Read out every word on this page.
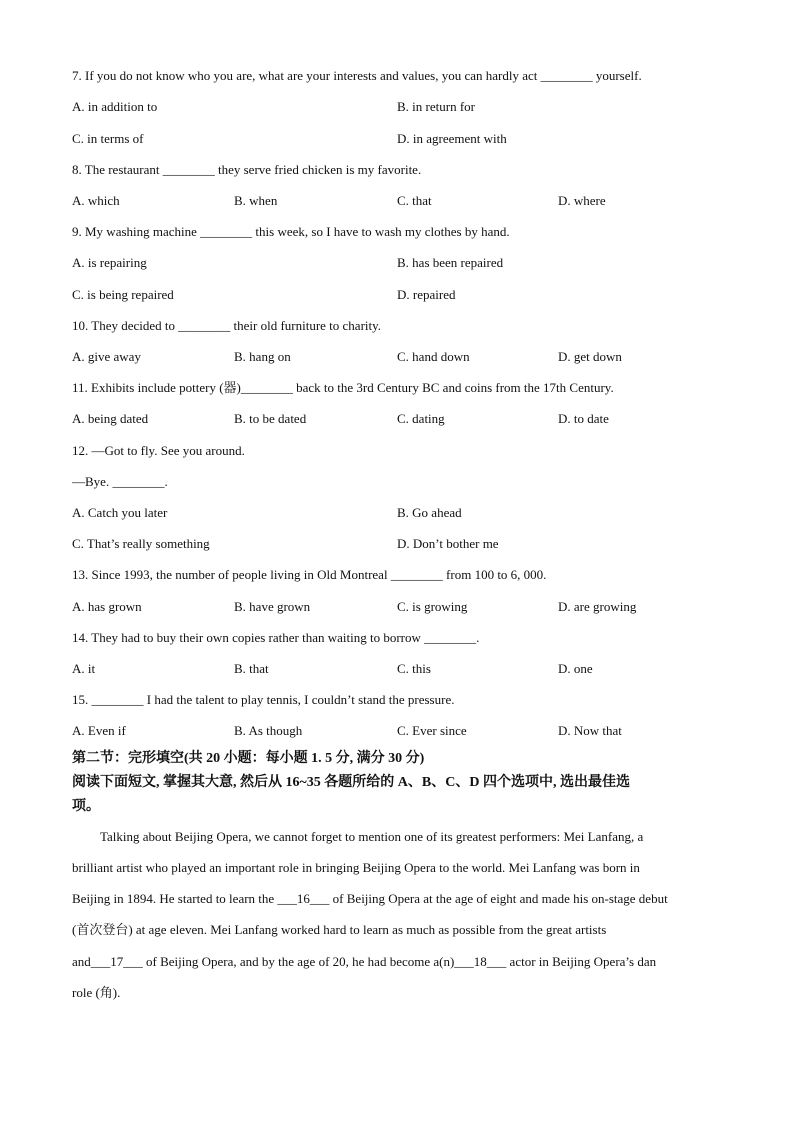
7. If you do not know who you are, what are your interests and values, you can hardly act ________ yourself.
A. in addition to	B. in return for
C. in terms of	D. in agreement with
8. The restaurant ________ they serve fried chicken is my favorite.
A. which	B. when	C. that	D. where
9. My washing machine ________ this week, so I have to wash my clothes by hand.
A. is repairing	B. has been repaired
C. is being repaired	D. repaired
10. They decided to ________ their old furniture to charity.
A. give away	B. hang on	C. hand down	D. get down
11. Exhibits include pottery (器)________ back to the 3rd Century BC and coins from the 17th Century.
A. being dated	B. to be dated	C. dating	D. to date
12. —Got to fly. See you around.
—Bye. ________.
A. Catch you later	B. Go ahead
C. That’s really something	D. Don’t bother me
13. Since 1993, the number of people living in Old Montreal ________ from 100 to 6, 000.
A. has grown	B. have grown	C. is growing	D. are growing
14. They had to buy their own copies rather than waiting to borrow ________.
A. it	B. that	C. this	D. one
15. ________ I had the talent to play tennis, I couldn’t stand the pressure.
A. Even if	B. As though	C. Ever since	D. Now that
第二节：完形填空(共 20 小题：每小题 1. 5 分, 满分 30 分)
阅读下面短文, 掌握其大意, 然后从 16~35 各题所给的 A、B、C、D 四个选项中, 选出最佳选
项。
Talking about Beijing Opera, we cannot forget to mention one of its greatest performers: Mei Lanfang, a
brilliant artist who played an important role in bringing Beijing Opera to the world. Mei Lanfang was born in
Beijing in 1894. He started to learn the ___16___ of Beijing Opera at the age of eight and made his on-stage debut
(首次登台) at age eleven. Mei Lanfang worked hard to learn as much as possible from the great artists
and___17___ of Beijing Opera, and by the age of 20, he had become a(n)___18___ actor in Beijing Opera’s dan
role (角).
